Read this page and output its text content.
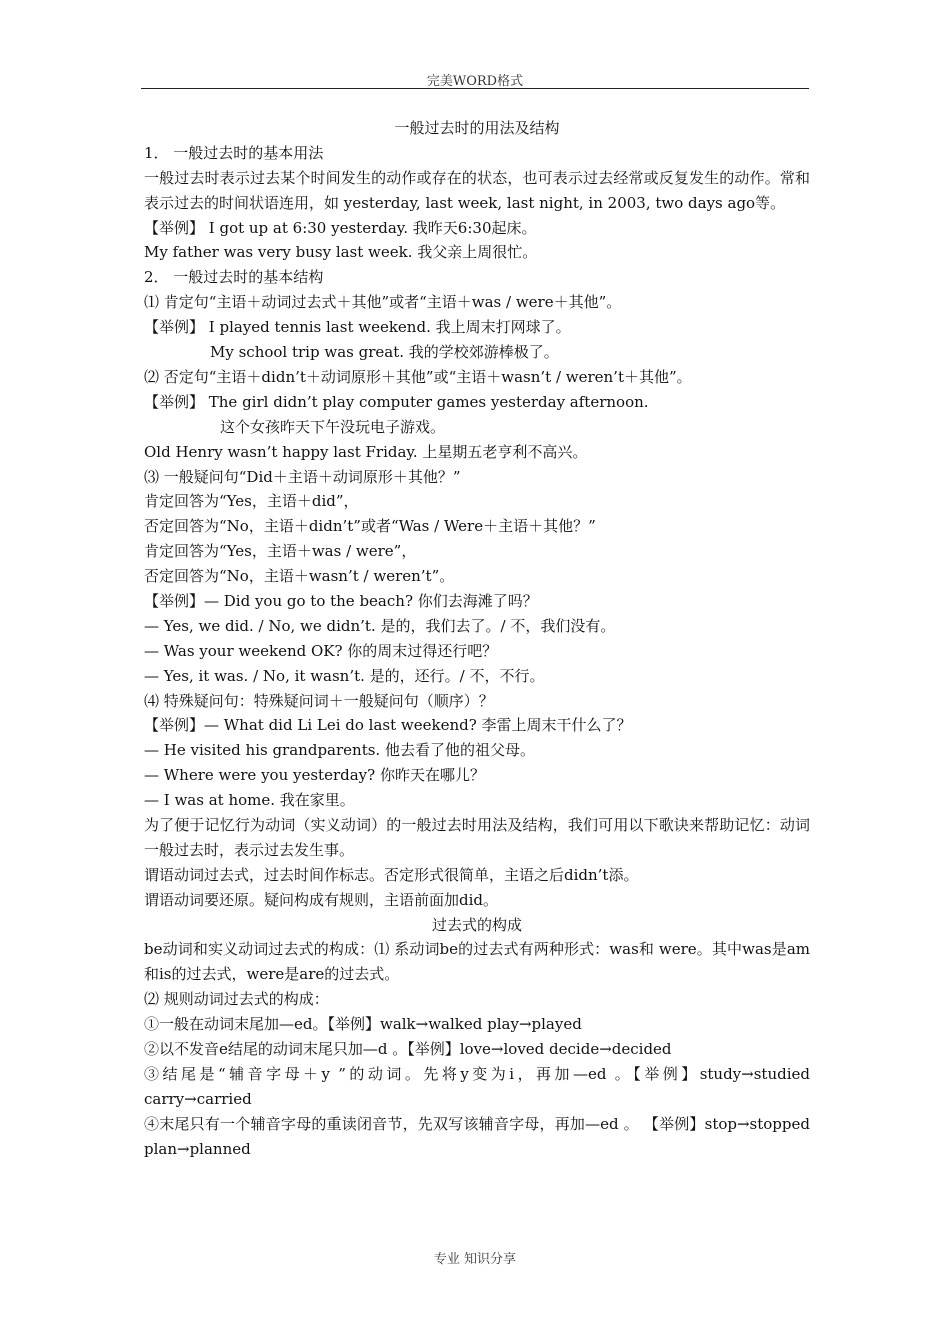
完美WORD格式
一般过去时的用法及结构
1． 一般过去时的基本用法
一般过去时表示过去某个时间发生的动作或存在的状态，也可表示过去经常或反复发生的动作。常和表示过去的时间状语连用，如 yesterday, last week, last night, in 2003, two days ago等。
【举例】 I got up at 6:30 yesterday. 我昨天6:30起床。
My father was very busy last week. 我父亲上周很忙。
2． 一般过去时的基本结构
⑴ 肯定句“主语＋动词过去式＋其他”或者“主语＋was / were＋其他”。
【举例】 I played tennis last weekend. 我上周末打网球了。
My school trip was great. 我的学校郊游棒极了。
⑵ 否定句“主语＋didn’t＋动词原形＋其他”或“主语＋wasn’t / weren’t＋其他”。
【举例】 The girl didn’t play computer games yesterday afternoon.
这个女孩昨天下午没玩电子游戏。
Old Henry wasn’t happy last Friday. 上星期五老亨利不高兴。
⑶ 一般疑问句“Did＋主语＋动词原形＋其他？”
肯定回答为“Yes，主语＋did”，
否定回答为“No，主语＋didn’t”或者“Was / Were＋主语＋其他？”
肯定回答为“Yes，主语＋was / were”，
否定回答为“No，主语＋wasn’t / weren’t”。
【举例】— Did you go to the beach? 你们去海滩了吗？
— Yes, we did. / No, we didn’t. 是的，我们去了。/ 不，我们没有。
— Was your weekend OK? 你的周末过得还行吧？
— Yes, it was. / No, it wasn’t. 是的，还行。/ 不，不行。
⑷ 特殊疑问句：特殊疑问词＋一般疑问句（顺序）？
【举例】— What did Li Lei do last weekend? 李雷上周末干什么了？
— He visited his grandparents. 他去看了他的祖父母。
— Where were you yesterday? 你昨天在哪儿？
— I was at home. 我在家里。
为了便于记忆行为动词（实义动词）的一般过去时用法及结构，我们可用以下歌诀来帮助记忆：动词一般过去时，表示过去发生事。
谓语动词过去式，过去时间作标志。否定形式很简单，主语之后didn’t添。
谓语动词要还原。疑问构成有规则，主语前面加did。
过去式的构成
be动词和实义动词过去式的构成：⑴ 系动词be的过去式有两种形式：was和 were。其中was是am和is的过去式，were是are的过去式。
⑵ 规则动词过去式的构成：
①一般在动词末尾加—ed。【举例】walk→walked play→played
②以不发音e结尾的动词末尾只加—d 。【举例】love→loved decide→decided
③结尾是“辅音字母＋y ”的动词。先将y变为i，再加—ed 。【举例】study→studied carry→carried
④末尾只有一个辅音字母的重读闭音节，先双写该辅音字母，再加—ed 。 【举例】stop→stopped plan→planned
专业 知识分享
